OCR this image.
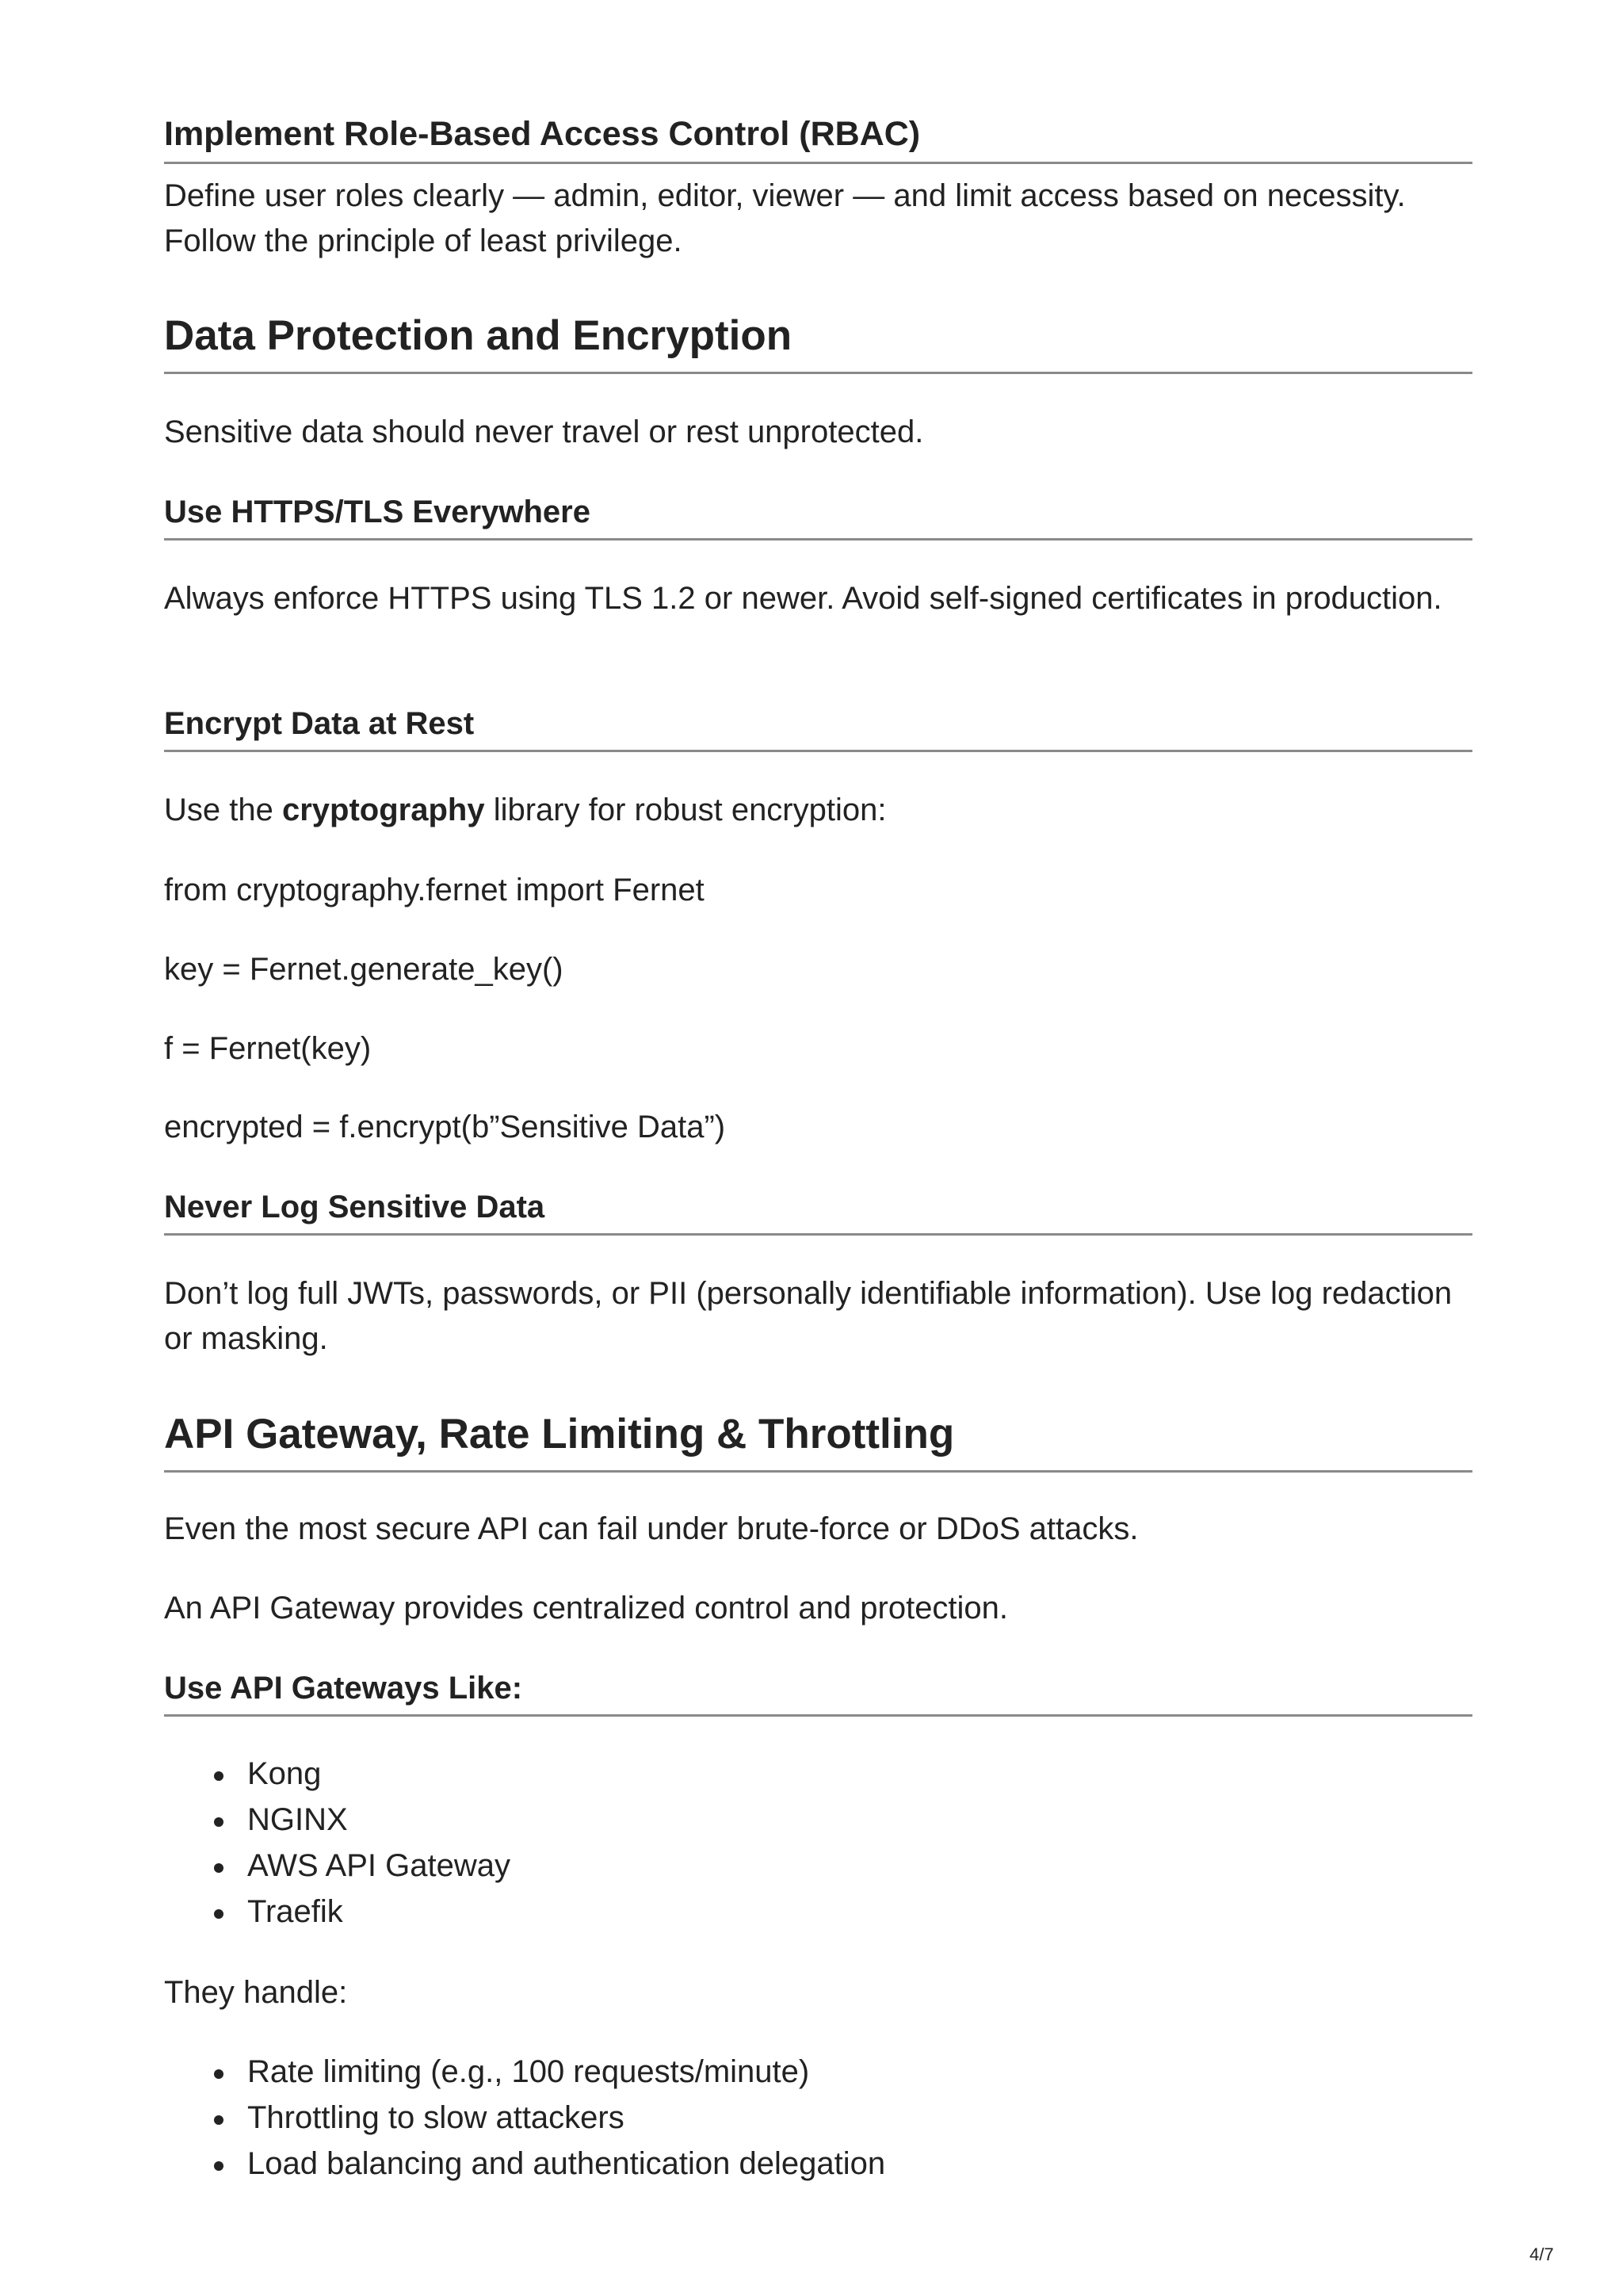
Implement Role-Based Access Control (RBAC)

Define user roles clearly — admin, editor, viewer — and limit access based on necessity. Follow the principle of least privilege.

Data Protection and Encryption

Sensitive data should never travel or rest unprotected.

Use HTTPS/TLS Everywhere

Always enforce HTTPS using TLS 1.2 or newer. Avoid self-signed certificates in production.

Encrypt Data at Rest

Use the cryptography library for robust encryption:

from cryptography.fernet import Fernet

key = Fernet.generate_key()

f = Fernet(key)

encrypted = f.encrypt(b”Sensitive Data”)

Never Log Sensitive Data

Don’t log full JWTs, passwords, or PII (personally identifiable information). Use log redaction or masking.

API Gateway, Rate Limiting & Throttling

Even the most secure API can fail under brute-force or DDoS attacks.

An API Gateway provides centralized control and protection.

Use API Gateways Like:
Kong
NGINX
AWS API Gateway
Traefik

They handle:

Rate limiting (e.g., 100 requests/minute)
Throttling to slow attackers
Load balancing and authentication delegation
4/7
